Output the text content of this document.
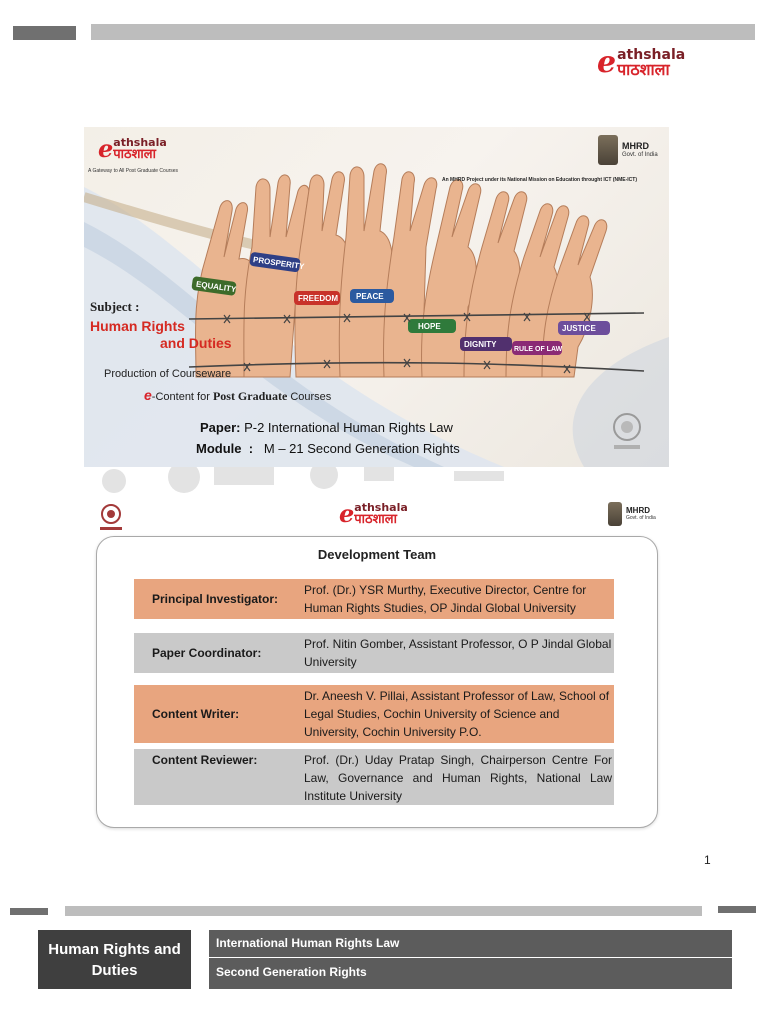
e athshala
पाठशाला
EQUALITY
PROSPERITY
FREEDOM PEACE
HOPE
DIGNITY
RULE OF LAW
JUSTICE
e athshala
पाठशाला
A Gateway to All Post Graduate Courses
MHRD
Govt. of India
An MHRD Project under its National Mission on Education throught ICT (NME-ICT)
Subject :
Human Rights
and Duties
Production of Courseware
e-Content for Post Graduate Courses
Paper: P-2 International Human Rights Law
Module  :   M – 21 Second Generation Rights
e athshala
पाठशाला
MHRD
Govt. of India
Development Team
Principal Investigator:
Prof. (Dr.) YSR Murthy, Executive Director, Centre for Human Rights Studies, OP Jindal Global University
Paper Coordinator:
Prof. Nitin Gomber, Assistant Professor, O P Jindal Global University
Content Writer:
Dr. Aneesh V. Pillai, Assistant Professor of Law, School of Legal Studies, Cochin University of Science and University, Cochin University P.O.
Content Reviewer:	Prof. (Dr.) Uday Pratap Singh, Chairperson Centre For Law, Governance and Human Rights, National Law Institute University
1
Human Rights and Duties
International Human Rights Law
Second Generation Rights
